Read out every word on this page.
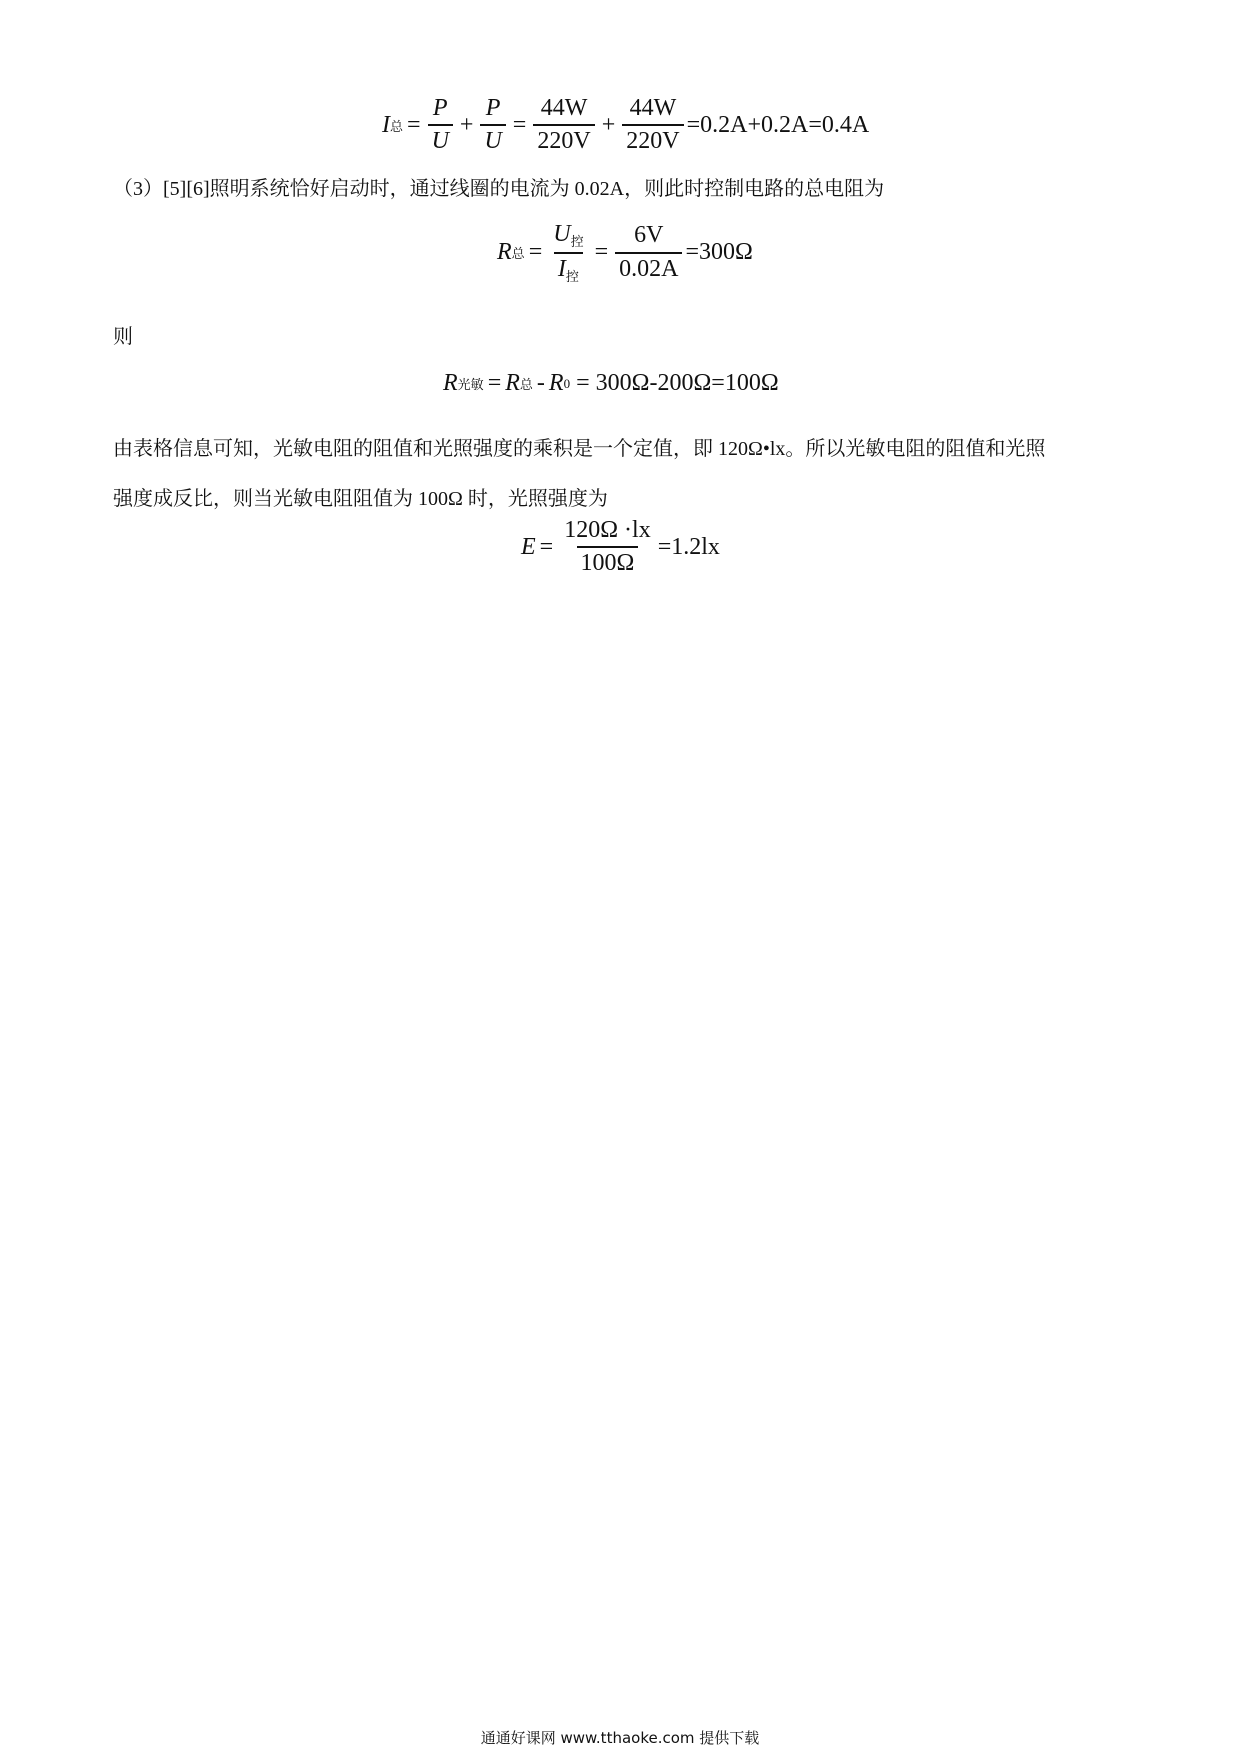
I 总 = $\frac{P}{U} + \frac{P}{U} = \frac{44W}{220V} + \frac{44W}{220V} =0.2A+0.2A=0.4A$
（3）[5][6]照明系统恰好启动时，通过线圈的电流为 0.02A，则此时控制电路的总电阻为
R 总 = $\frac{U_控}{I_控} = \frac{6V}{0.02A} =300\Omega$
则
R 光敏 = R 总 - R 0 = 300Ω-200Ω=100Ω
由表格信息可知，光敏电阻的阻值和光照强度的乘积是一个定值，即 120Ω•lx。所以光敏电阻的阻值和光照
强度成反比，则当光敏电阻阻值为 100Ω 时，光照强度为
$E = \frac{120\Omega \cdot lx}{100\Omega} =1.2lx$
通通好课网 www.tthaoke.com 提供下载
